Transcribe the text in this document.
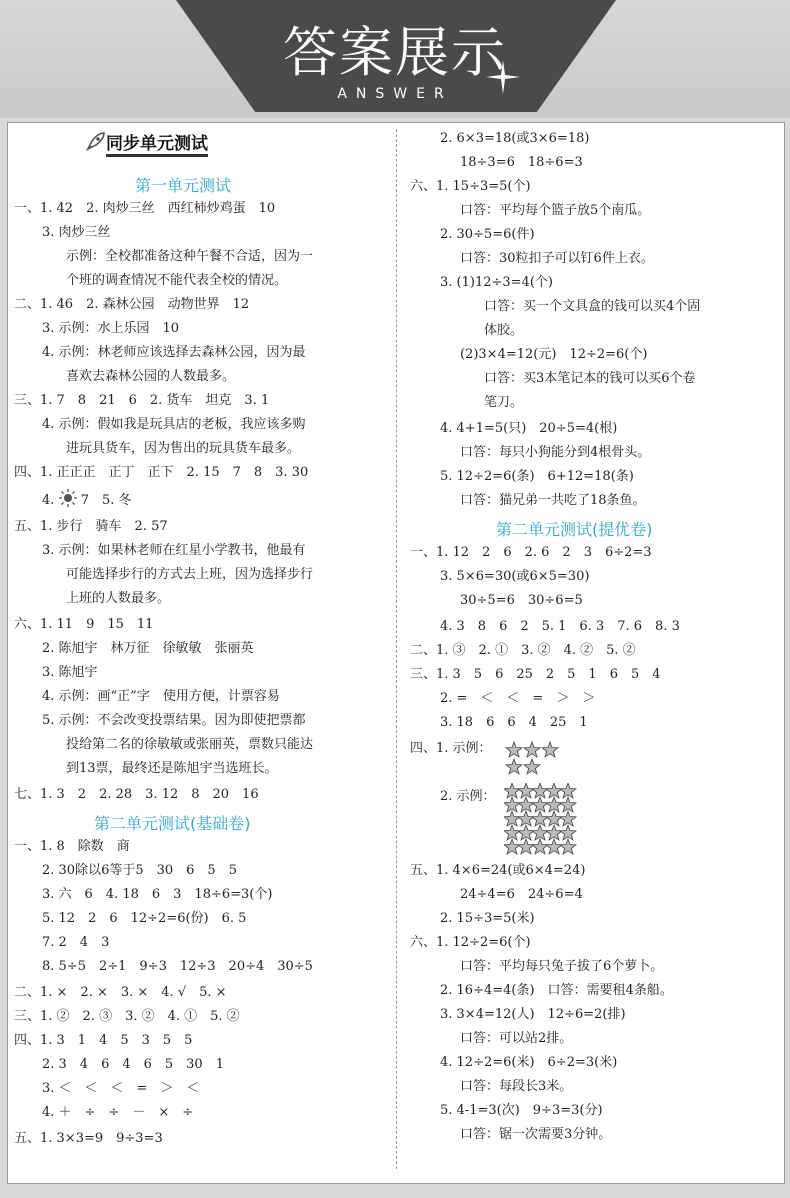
答案展示
ANSWER
同步单元测试
第一单元测试
一、1. 42　2. 肉炒三丝　西红柿炒鸡蛋　10
3. 肉炒三丝
示例：全校都准备这种午餐不合适，因为一
个班的调查情况不能代表全校的情况。
二、1. 46　2. 森林公园　动物世界　12
3. 示例：水上乐园　10
4. 示例：林老师应该选择去森林公园，因为最
喜欢去森林公园的人数最多。
三、1. 7　8　21　6　2. 货车　坦克　3. 1
4. 示例：假如我是玩具店的老板，我应该多购
进玩具货车，因为售出的玩具货车最多。
四、1. 正正正　正丁　正下　2. 15　7　8　3. 30
4. 7　5. 冬
五、1. 步行　骑车　2. 57
3. 示例：如果林老师在红星小学教书，他最有
可能选择步行的方式去上班，因为选择步行
上班的人数最多。
六、1. 11　9　15　11
2. 陈旭宇　林万征　徐敏敏　张丽英
3. 陈旭宇
4. 示例：画“正”字　使用方便，计票容易
5. 示例：不会改变投票结果。因为即使把票都
投给第二名的徐敏敏或张丽英，票数只能达
到13票，最终还是陈旭宇当选班长。
七、1. 3　2　2. 28　3. 12　8　20　16
第二单元测试(基础卷)
一、1. 8　除数　商
2. 30除以6等于5　30　6　5　5
3. 六　6　4. 18　6　3　18÷6=3(个)
5. 12　2　6　12÷2=6(份)　6. 5
7. 2　4　3
8. 5÷5　2÷1　9÷3　12÷3　20÷4　30÷5
二、1. ×　2. ×　3. ×　4. √　5. ×
三、1. ②　2. ③　3. ②　4. ①　5. ②
四、1. 3　1　4　5　3　5　5
2. 3　4　6　4　6　5　30　1
3. ＜　＜　＜　=　＞　＜
4. ＋　÷　÷　－　×　÷
五、1. 3×3=9　9÷3=3
2. 6×3=18(或3×6=18)
18÷3=6　18÷6=3
六、1. 15÷3=5(个)
口答：平均每个篮子放5个南瓜。
2. 30÷5=6(件)
口答：30粒扣子可以钉6件上衣。
3. (1)12÷3=4(个)
口答：买一个文具盒的钱可以买4个固
体胶。
(2)3×4=12(元)　12÷2=6(个)
口答：买3本笔记本的钱可以买6个卷
笔刀。
4. 4+1=5(只)　20÷5=4(根)
口答：每只小狗能分到4根骨头。
5. 12÷2=6(条)　6+12=18(条)
口答：猫兄弟一共吃了18条鱼。
第二单元测试(提优卷)
一、1. 12　2　6　2. 6　2　3　6÷2=3
3. 5×6=30(或6×5=30)
30÷5=6　30÷6=5
4. 3　8　6　2　5. 1　6. 3　7. 6　8. 3
二、1. ③　2. ①　3. ②　4. ②　5. ②
三、1. 3　5　6　25　2　5　1　6　5　4
2. =　＜　＜　=　＞　＞
3. 18　6　6　4　25　1
四、1. 示例：
2. 示例：
五、1. 4×6=24(或6×4=24)
24÷4=6　24÷6=4
2. 15÷3=5(米)
六、1. 12÷2=6(个)
口答：平均每只兔子拔了6个萝卜。
2. 16÷4=4(条)　口答：需要租4条船。
3. 3×4=12(人)　12÷6=2(排)
口答：可以站2排。
4. 12÷2=6(米)　6÷2=3(米)
口答：每段长3米。
5. 4-1=3(次)　9÷3=3(分)
口答：锯一次需要3分钟。
